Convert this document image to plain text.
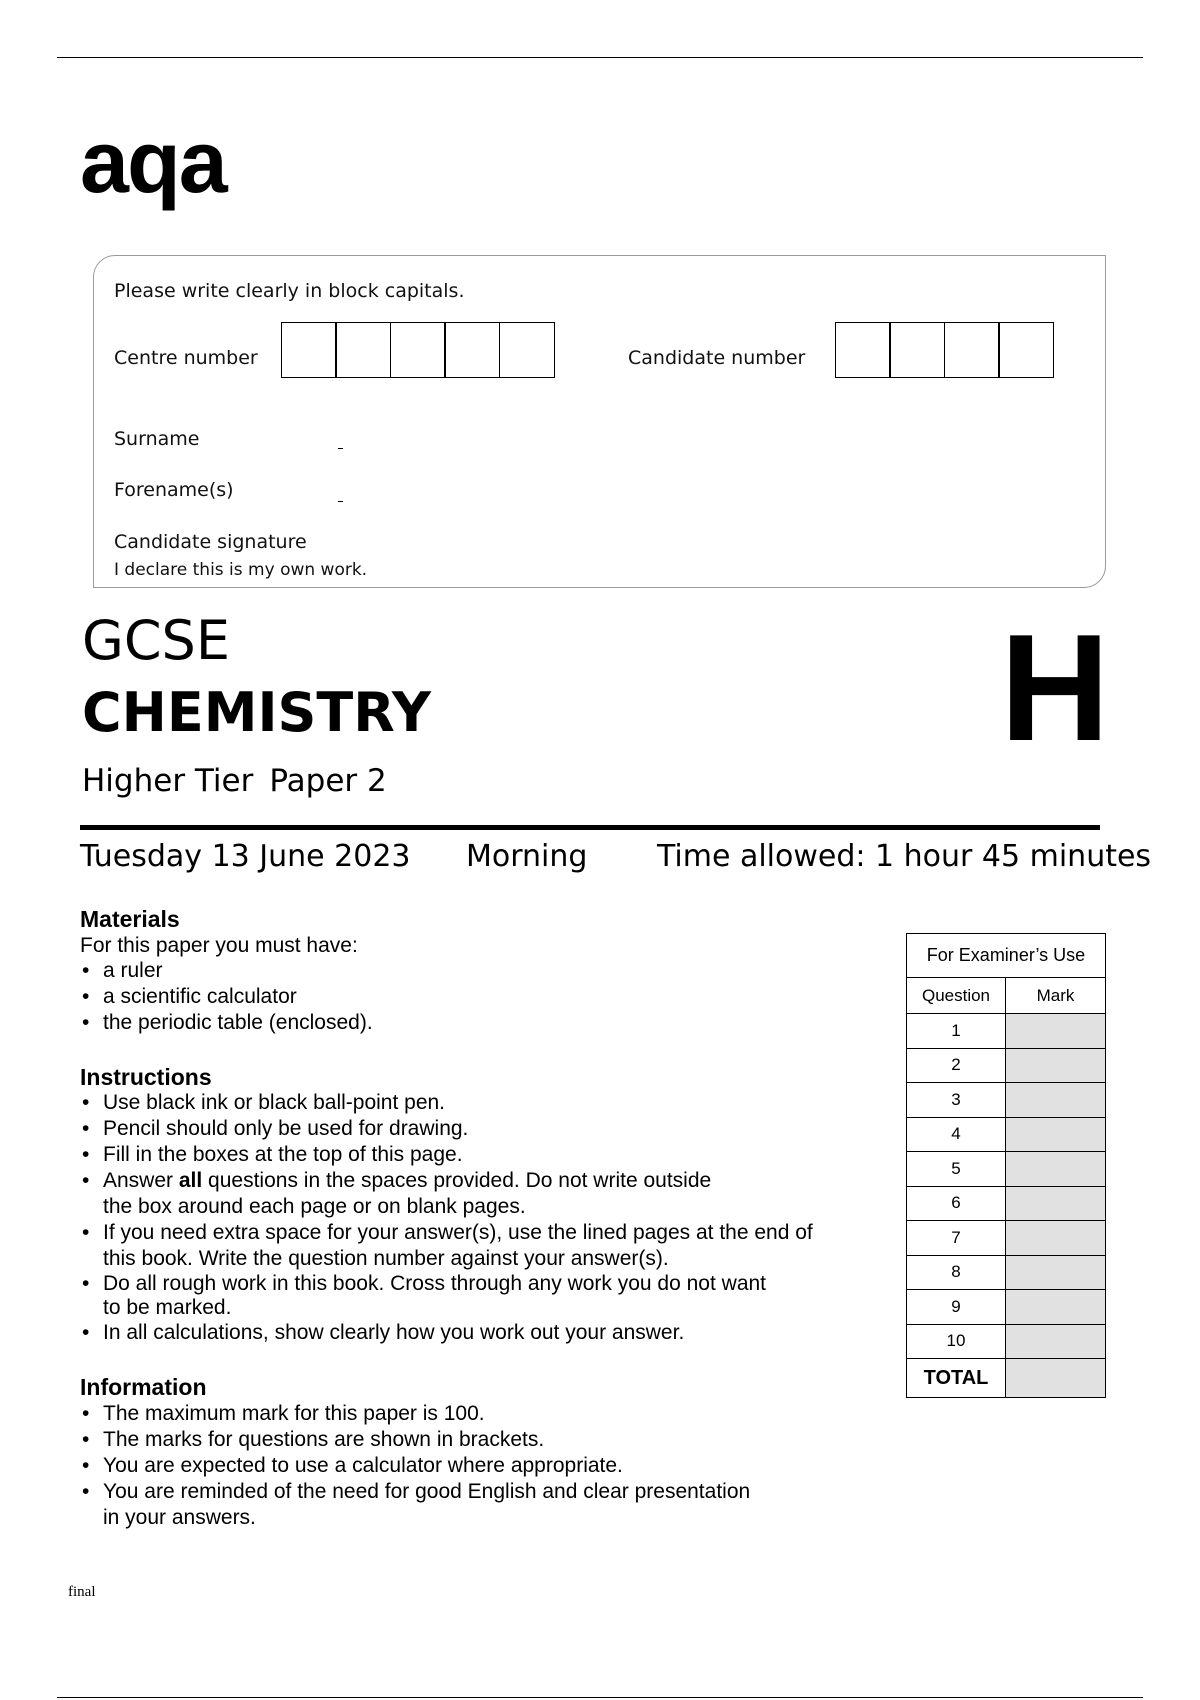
aqa
Please write clearly in block capitals.
Centre number	Candidate number
Surname
Forename(s)
Candidate signature
I declare this is my own work.
GCSE
CHEMISTRY
Higher Tier Paper 2
H
Tuesday 13 June 2023 Morning Time allowed: 1 hour 45 minutes
Materials
For this paper you must have:
• a ruler
• a scientific calculator
• the periodic table (enclosed).
Instructions
• Use black ink or black ball-point pen.
• Pencil should only be used for drawing.
• Fill in the boxes at the top of this page.
• Answer all questions in the spaces provided. Do not write outside
the box around each page or on blank pages.
• If you need extra space for your answer(s), use the lined pages at the end of
this book. Write the question number against your answer(s).
• Do all rough work in this book. Cross through any work you do not want
to be marked.
• In all calculations, show clearly how you work out your answer.
Information
• The maximum mark for this paper is 100.
• The marks for questions are shown in brackets.
• You are expected to use a calculator where appropriate.
• You are reminded of the need for good English and clear presentation
in your answers.
For Examiner’s Use	
Question	Mark
1	
2	
3	
4	
5	
6	
7	
8	
9	
10	
TOTAL	
final
